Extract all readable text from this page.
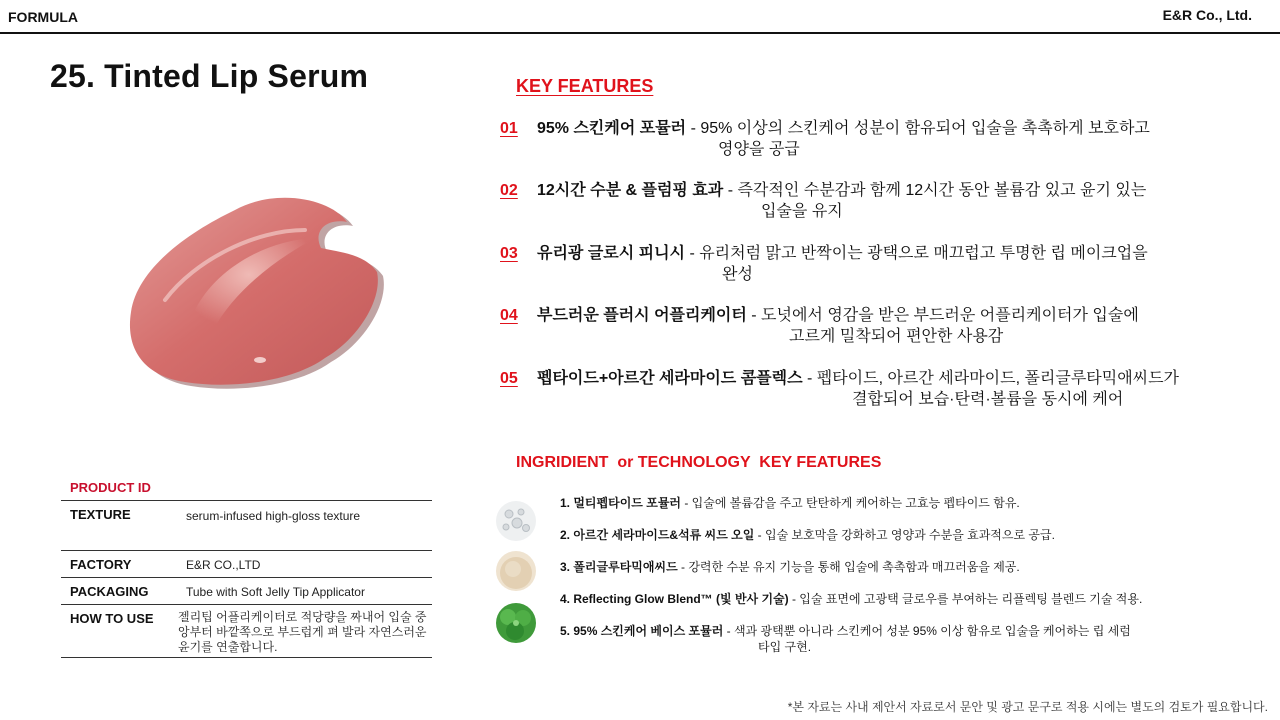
FORMULA	E&R Co., Ltd.
25. Tinted Lip Serum	KEY FEATURES
01 95% 스킨케어 포뮬러 - 95% 이상의 스킨케어 성분이 함유되어 입술을 촉촉하게 보호하고
영양을 공급
02 12시간 수분 & 플럼핑 효과 - 즉각적인 수분감과 함께 12시간 동안 볼륨감 있고 윤기 있는
입술을 유지
03 유리광 글로시 피니시 - 유리처럼 맑고 반짝이는 광택으로 매끄럽고 투명한 립 메이크업을
완성
04 부드러운 플러시 어플리케이터 - 도넛에서 영감을 받은 부드러운 어플리케이터가 입술에
고르게 밀착되어 편안한 사용감
05 펩타이드+아르간 세라마이드 콤플렉스 - 펩타이드, 아르간 세라마이드, 폴리글루타믹애씨드가
결합되어 보습·탄력·볼륨을 동시에 케어
INGRIDIENT  or TECHNOLOGY  KEY FEATURES
1. 멀티펩타이드 포뮬러 - 입술에 볼륨감을 주고 탄탄하게 케어하는 고효능 펩타이드 함유.
2. 아르간 세라마이드&석류 씨드 오일 - 입술 보호막을 강화하고 영양과 수분을 효과적으로 공급.
3. 폴리글루타믹애씨드 - 강력한 수분 유지 기능을 통해 입술에 촉촉함과 매끄러움을 제공.
4. Reflecting Glow Blend™ (빛 반사 기술) - 입술 표면에 고광택 글로우를 부여하는 리플렉팅 블렌드 기술 적용.
5. 95% 스킨케어 베이스 포뮬러 - 색과 광택뿐 아니라 스킨케어 성분 95% 이상 함유로 입술을 케어하는 립 세럼
타입 구현.
PRODUCT ID
TEXTURE	serum-infused high-gloss texture
FACTORY	E&R CO.,LTD
PACKAGING	Tube with Soft Jelly Tip Applicator
HOW TO USE 젤리팁 어플리케이터로 적당량을 짜내어 입술 중앙부터 바깥쪽으로 부드럽게 펴 발라 자연스러운 윤기를 연출합니다.
*본 자료는 사내 제안서 자료로서 문안 및 광고 문구로 적용 시에는 별도의 검토가 필요합니다.
